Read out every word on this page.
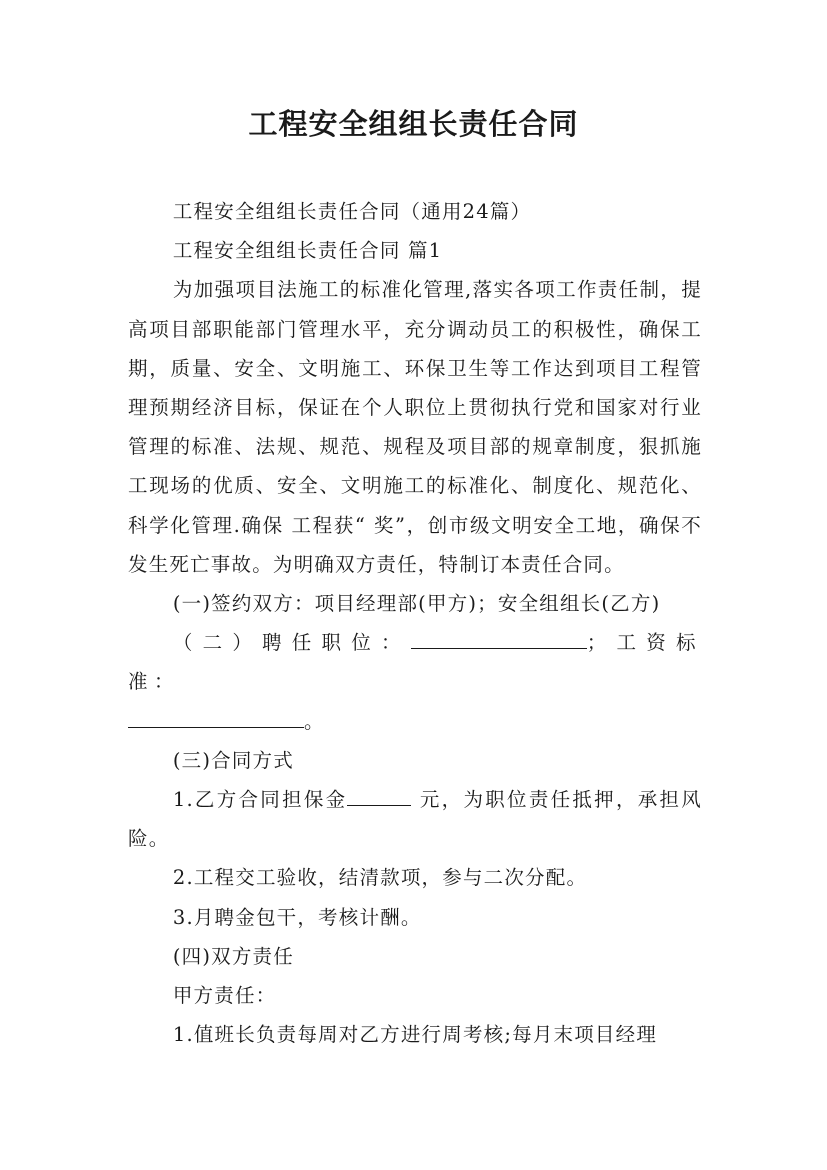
工程安全组组长责任合同

工程安全组组长责任合同（通用24篇）

工程安全组组长责任合同 篇1

为加强项目法施工的标准化管理,落实各项工作责任制，提高项目部职能部门管理水平，充分调动员工的积极性，确保工期，质量、安全、文明施工、环保卫生等工作达到项目工程管理预期经济目标，保证在个人职位上贯彻执行党和国家对行业管理的标准、法规、规范、规程及项目部的规章制度，狠抓施工现场的优质、安全、文明施工的标准化、制度化、规范化、科学化管理.确保 工程获“ 奖”，创市级文明安全工地，确保不发生死亡事故。为明确双方责任，特制订本责任合同。

(一)签约双方：项目经理部(甲方)；安全组组长(乙方)

（二）聘任职位：	；工资标准：

。

(三)合同方式

1.乙方合同担保金	元，为职位责任抵押，承担风险。

2.工程交工验收，结清款项，参与二次分配。

3.月聘金包干，考核计酬。

(四)双方责任

甲方责任：

1.值班长负责每周对乙方进行周考核;每月末项目经理
